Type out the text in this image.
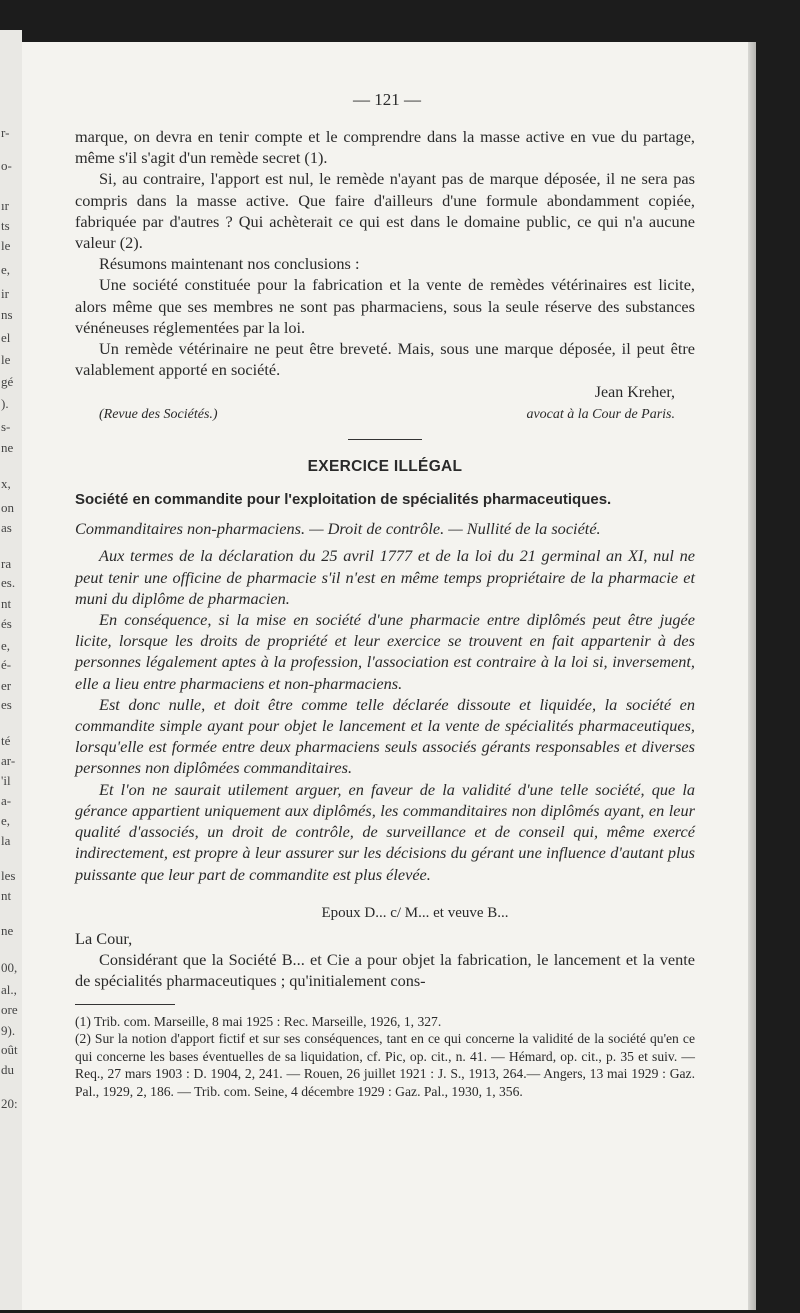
r-
o-
ır
ts
le
e,
ir
ns
el
le
gé
).
s-
ne
x,
on
as
ra
es.
nt
és
e,
é-
er
es
té
ar-
'il
a-
e,
la
les
nt
ne
00,
al.,
ore
9).
oût
du
20:
— 121 —

marque, on devra en tenir compte et le comprendre dans la masse active en vue du partage, même s'il s'agit d'un remède secret (1).

Si, au contraire, l'apport est nul, le remède n'ayant pas de marque déposée, il ne sera pas compris dans la masse active. Que faire d'ailleurs d'une formule abondamment copiée, fabriquée par d'autres ? Qui achèterait ce qui est dans le domaine public, ce qui n'a aucune valeur (2).

Résumons maintenant nos conclusions :

Une société constituée pour la fabrication et la vente de remèdes vétérinaires est licite, alors même que ses membres ne sont pas pharmaciens, sous la seule réserve des substances vénéneuses réglementées par la loi.

Un remède vétérinaire ne peut être breveté. Mais, sous une marque déposée, il peut être valablement apporté en société.

(Revue des Sociétés.)
Jean Kreher,
avocat à la Cour de Paris.
EXERCICE ILLÉGAL
Société en commandite pour l'exploitation de spécialités pharmaceutiques.
Commanditaires non-pharmaciens. — Droit de contrôle. — Nullité de la société.

Aux termes de la déclaration du 25 avril 1777 et de la loi du 21 germinal an XI, nul ne peut tenir une officine de pharmacie s'il n'est en même temps propriétaire de la pharmacie et muni du diplôme de pharmacien.

En conséquence, si la mise en société d'une pharmacie entre diplômés peut être jugée licite, lorsque les droits de propriété et leur exercice se trouvent en fait appartenir à des personnes légalement aptes à la profession, l'association est contraire à la loi si, inversement, elle a lieu entre pharmaciens et non-pharmaciens.

Est donc nulle, et doit être comme telle déclarée dissoute et liquidée, la société en commandite simple ayant pour objet le lancement et la vente de spécialités pharmaceutiques, lorsqu'elle est formée entre deux pharmaciens seuls associés gérants responsables et diverses personnes non diplômées commanditaires.

Et l'on ne saurait utilement arguer, en faveur de la validité d'une telle société, que la gérance appartient uniquement aux diplômés, les commanditaires non diplômés ayant, en leur qualité d'associés, un droit de contrôle, de surveillance et de conseil qui, même exercé indirectement, est propre à leur assurer sur les décisions du gérant une influence d'autant plus puissante que leur part de commandite est plus élevée.

Epoux D... c/ M... et veuve B...

La Cour,

Considérant que la Société B... et Cie a pour objet la fabrication, le lancement et la vente de spécialités pharmaceutiques ; qu'initialement cons-

(1) Trib. com. Marseille, 8 mai 1925 : Rec. Marseille, 1926, 1, 327.

(2) Sur la notion d'apport fictif et sur ses conséquences, tant en ce qui concerne la validité de la société qu'en ce qui concerne les bases éventuelles de sa liquidation, cf. Pic, op. cit., n. 41. — Hémard, op. cit., p. 35 et suiv. — Req., 27 mars 1903 : D. 1904, 2, 241. — Rouen, 26 juillet 1921 : J. S., 1913, 264.— Angers, 13 mai 1929 : Gaz. Pal., 1929, 2, 186. — Trib. com. Seine, 4 décembre 1929 : Gaz. Pal., 1930, 1, 356.
